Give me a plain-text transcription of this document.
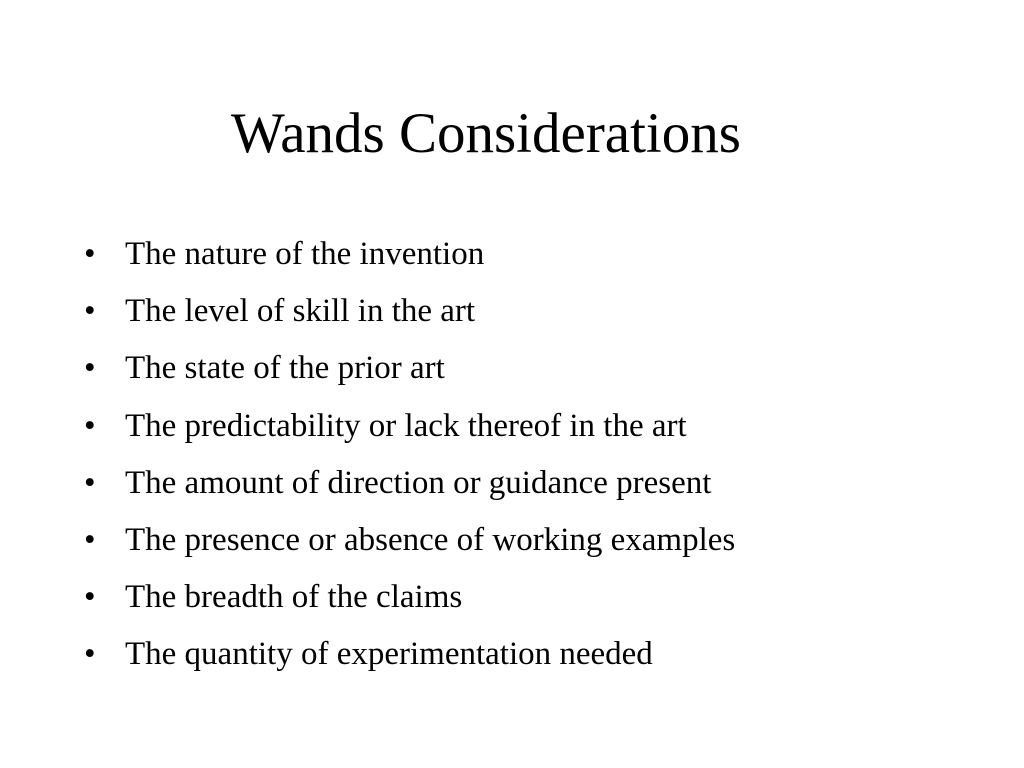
Wands Considerations
• The nature of the invention
• The level of skill in the art
• The state of the prior art
• The predictability or lack thereof in the art
• The amount of direction or guidance present
• The presence or absence of working examples
• The breadth of the claims
• The quantity of experimentation needed
